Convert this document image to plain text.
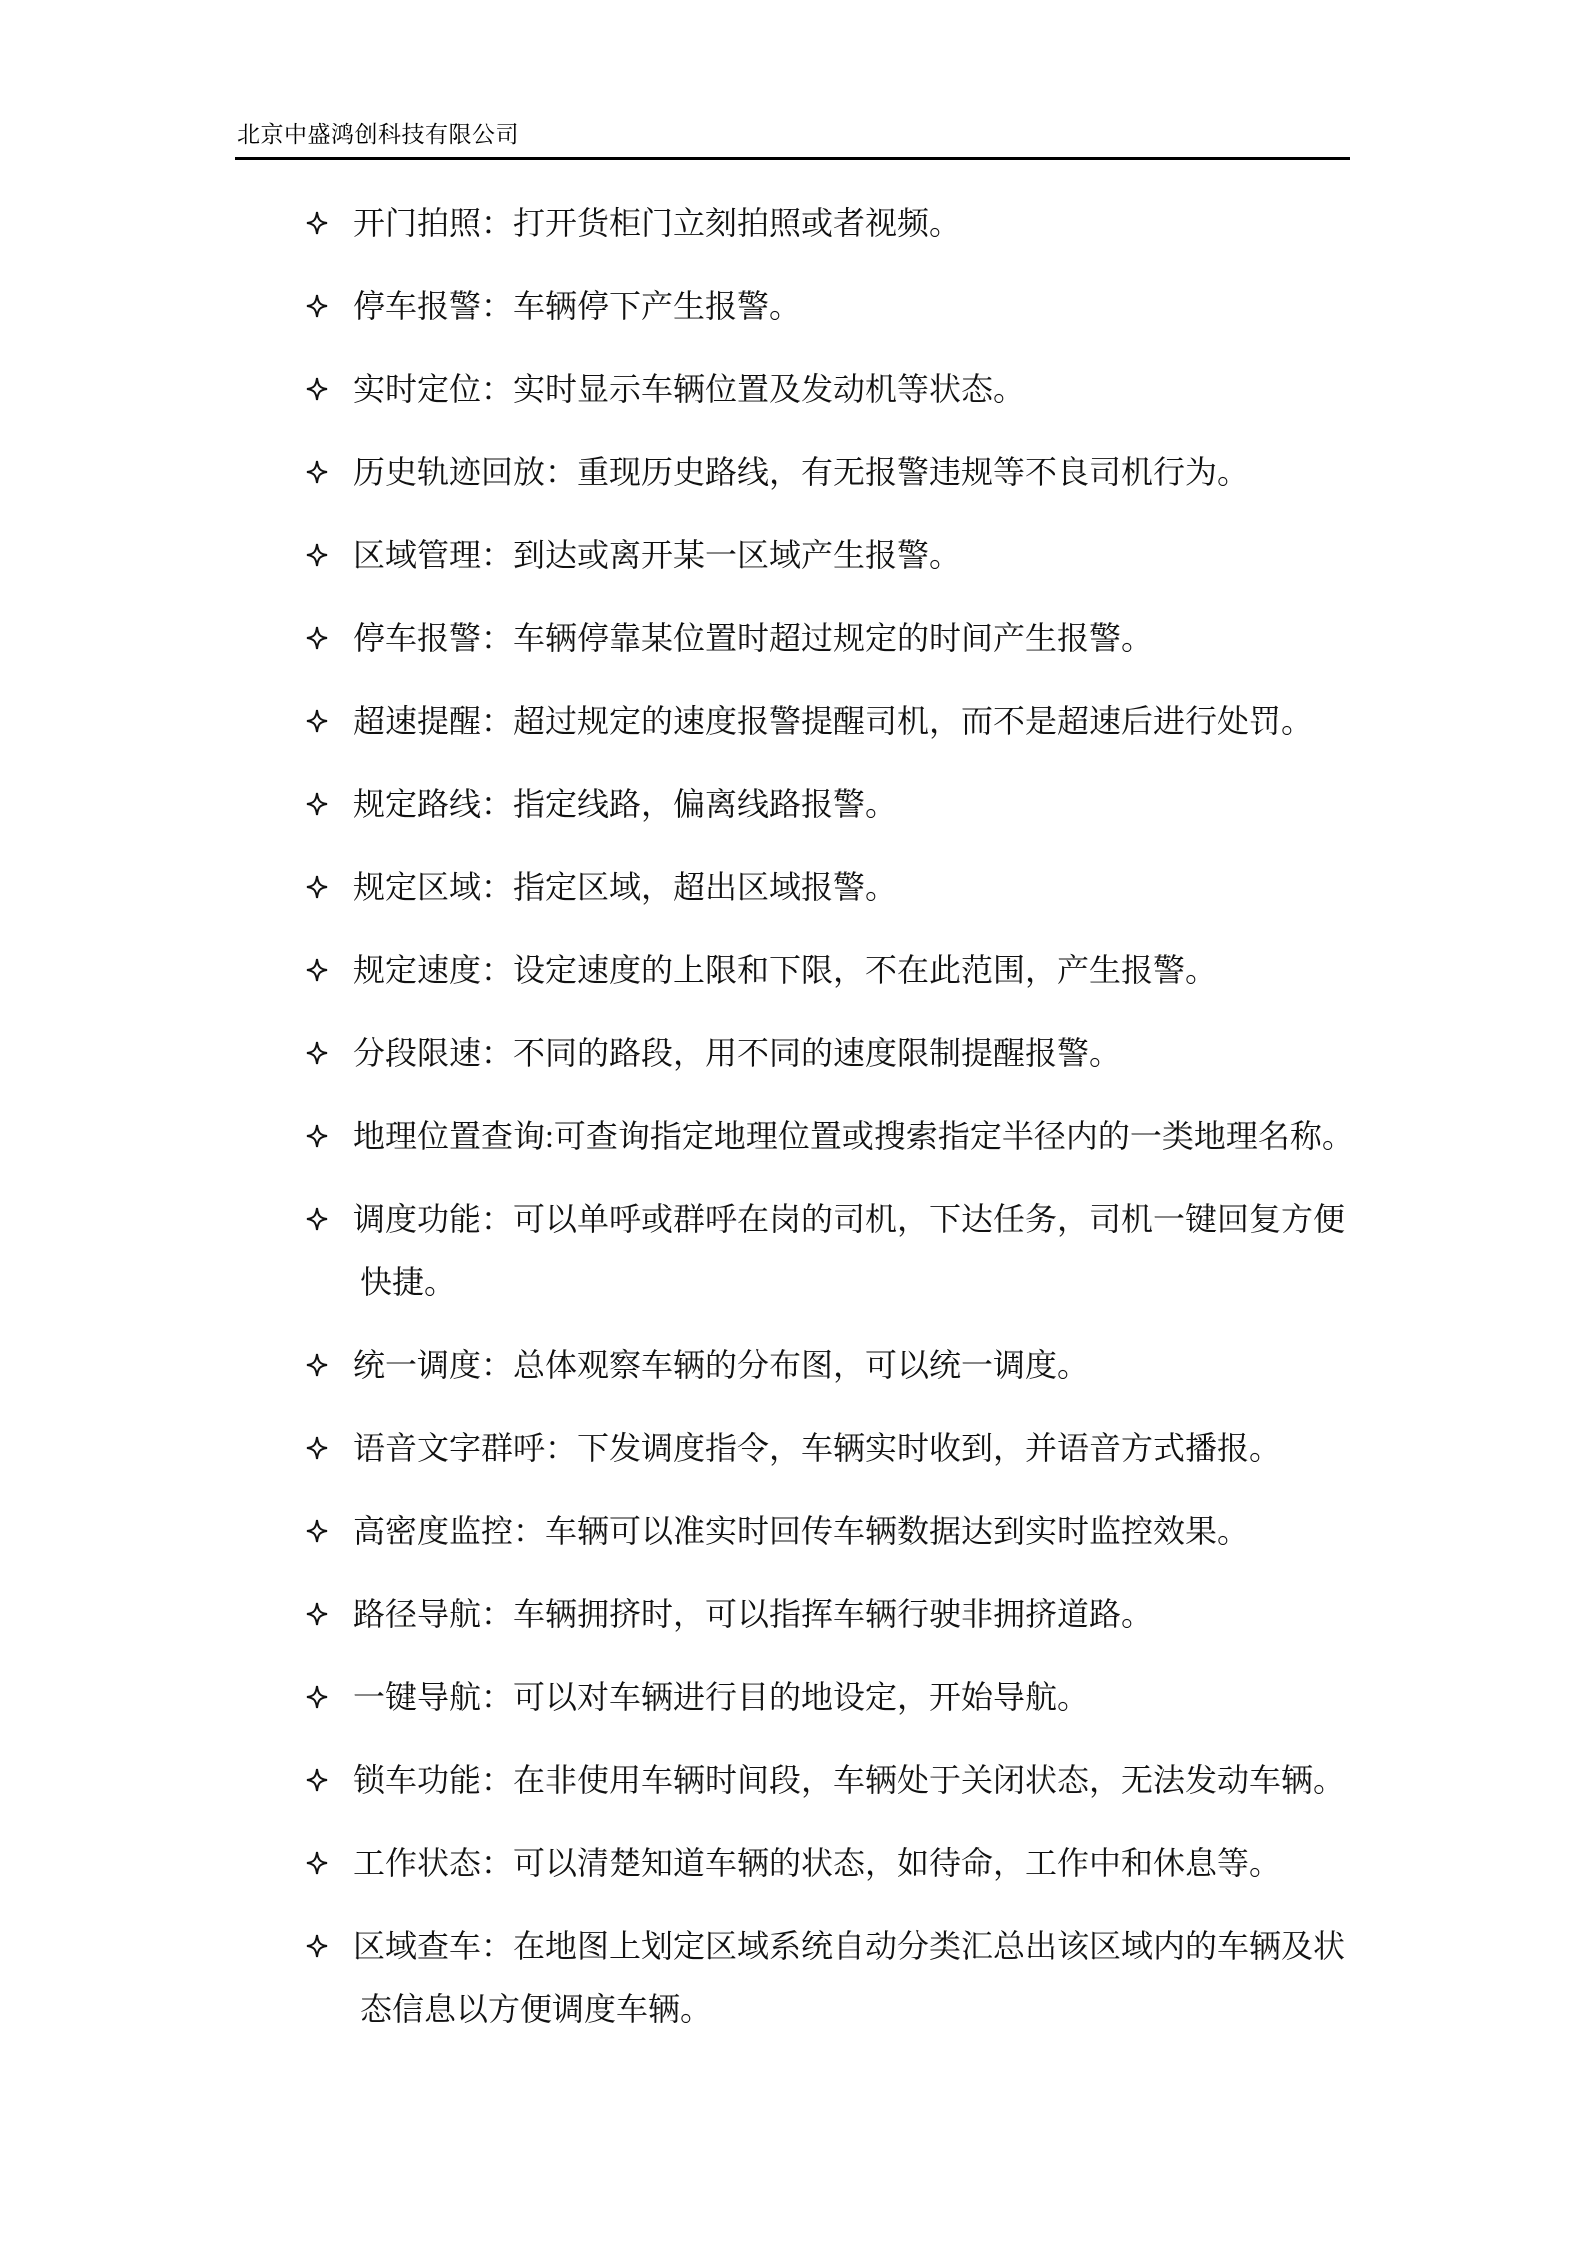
北京中盛鸿创科技有限公司
开门拍照：打开货柜门立刻拍照或者视频。
停车报警：车辆停下产生报警。
实时定位：实时显示车辆位置及发动机等状态。
历史轨迹回放：重现历史路线，有无报警违规等不良司机行为。
区域管理：到达或离开某一区域产生报警。
停车报警：车辆停靠某位置时超过规定的时间产生报警。
超速提醒：超过规定的速度报警提醒司机，而不是超速后进行处罚。
规定路线：指定线路，偏离线路报警。
规定区域：指定区域，超出区域报警。
规定速度：设定速度的上限和下限，不在此范围，产生报警。
分段限速：不同的路段，用不同的速度限制提醒报警。
地理位置查询:可查询指定地理位置或搜索指定半径内的一类地理名称。
调度功能：可以单呼或群呼在岗的司机，下达任务，司机一键回复方便
快捷。
统一调度：总体观察车辆的分布图，可以统一调度。
语音文字群呼：下发调度指令，车辆实时收到，并语音方式播报。
高密度监控：车辆可以准实时回传车辆数据达到实时监控效果。
路径导航：车辆拥挤时，可以指挥车辆行驶非拥挤道路。
一键导航：可以对车辆进行目的地设定，开始导航。
锁车功能：在非使用车辆时间段，车辆处于关闭状态，无法发动车辆。
工作状态：可以清楚知道车辆的状态，如待命，工作中和休息等。
区域查车：在地图上划定区域系统自动分类汇总出该区域内的车辆及状
态信息以方便调度车辆。
